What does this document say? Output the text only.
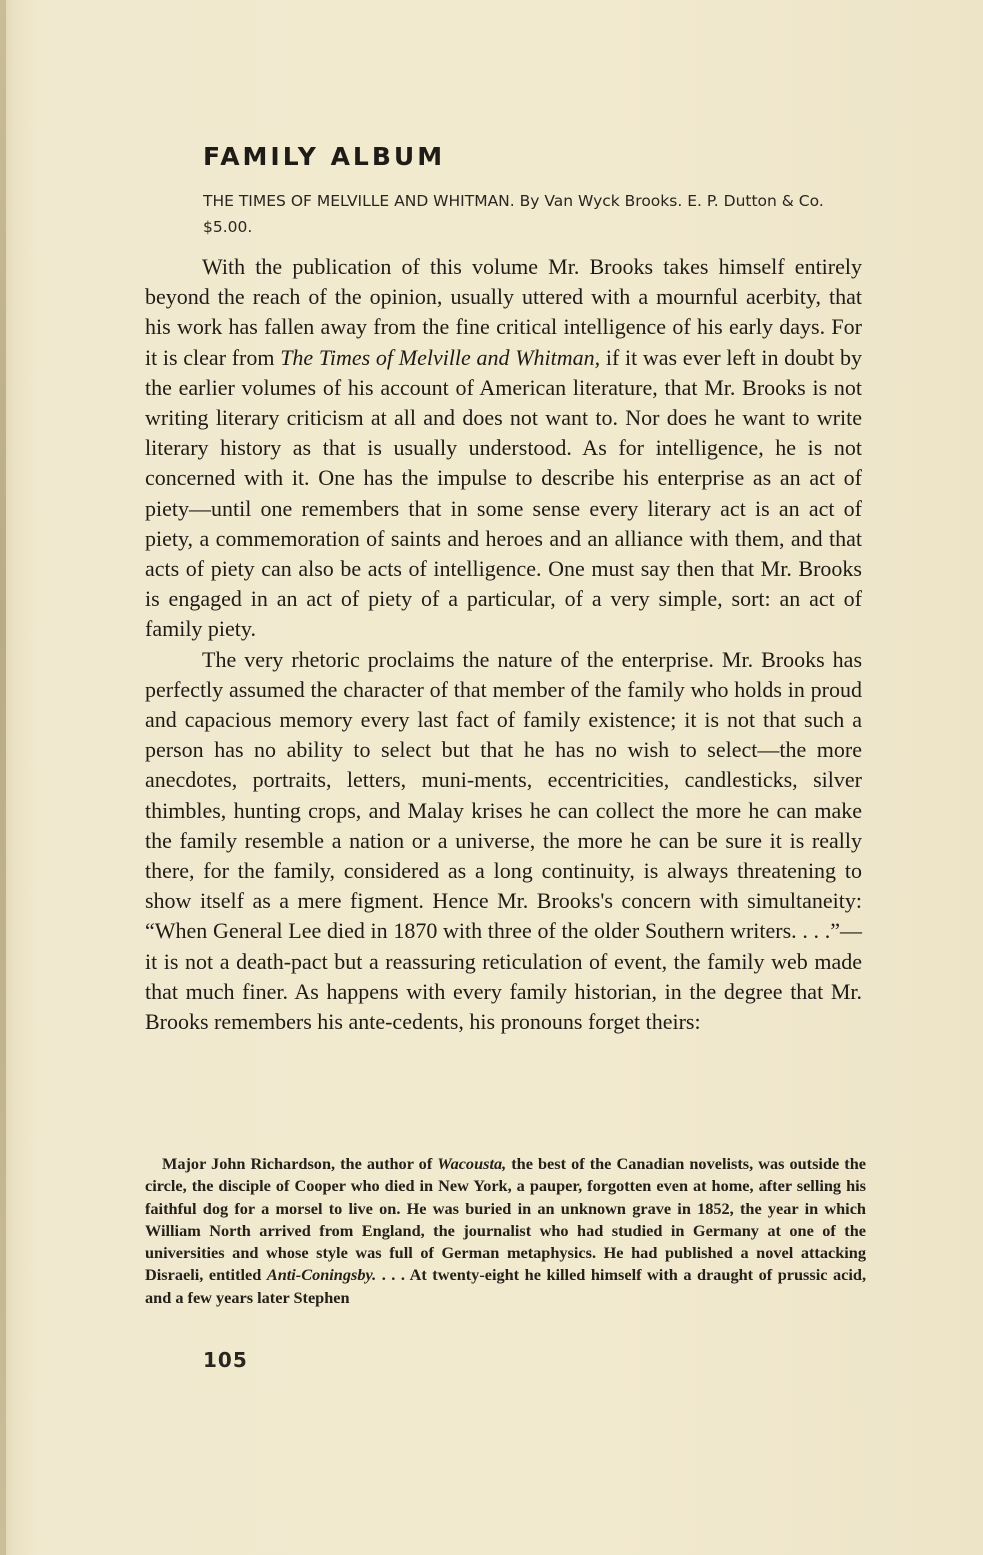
FAMILY ALBUM

THE TIMES OF MELVILLE AND WHITMAN. By Van Wyck Brooks. E. P. Dutton & Co. $5.00.

With the publication of this volume Mr. Brooks takes himself entirely beyond the reach of the opinion, usually uttered with a mournful acerbity, that his work has fallen away from the fine critical intelligence of his early days. For it is clear from The Times of Melville and Whitman, if it was ever left in doubt by the earlier volumes of his account of American literature, that Mr. Brooks is not writing literary criticism at all and does not want to. Nor does he want to write literary history as that is usually understood. As for intelligence, he is not concerned with it. One has the impulse to describe his enterprise as an act of piety—until one remembers that in some sense every literary act is an act of piety, a commemoration of saints and heroes and an alliance with them, and that acts of piety can also be acts of intelligence. One must say then that Mr. Brooks is engaged in an act of piety of a particular, of a very simple, sort: an act of family piety.

The very rhetoric proclaims the nature of the enterprise. Mr. Brooks has perfectly assumed the character of that member of the family who holds in proud and capacious memory every last fact of family existence; it is not that such a person has no ability to select but that he has no wish to select—the more anecdotes, portraits, letters, muni-ments, eccentricities, candlesticks, silver thimbles, hunting crops, and Malay krises he can collect the more he can make the family resemble a nation or a universe, the more he can be sure it is really there, for the family, considered as a long continuity, is always threatening to show itself as a mere figment. Hence Mr. Brooks's concern with simultaneity: “When General Lee died in 1870 with three of the older Southern writers. . . .”—it is not a death-pact but a reassuring reticulation of event, the family web made that much finer. As happens with every family historian, in the degree that Mr. Brooks remembers his ante-cedents, his pronouns forget theirs:

Major John Richardson, the author of Wacousta, the best of the Canadian novelists, was outside the circle, the disciple of Cooper who died in New York, a pauper, forgotten even at home, after selling his faithful dog for a morsel to live on. He was buried in an unknown grave in 1852, the year in which William North arrived from England, the journalist who had studied in Germany at one of the universities and whose style was full of German metaphysics. He had published a novel attacking Disraeli, entitled Anti-Coningsby. . . . At twenty-eight he killed himself with a draught of prussic acid, and a few years later Stephen

105
